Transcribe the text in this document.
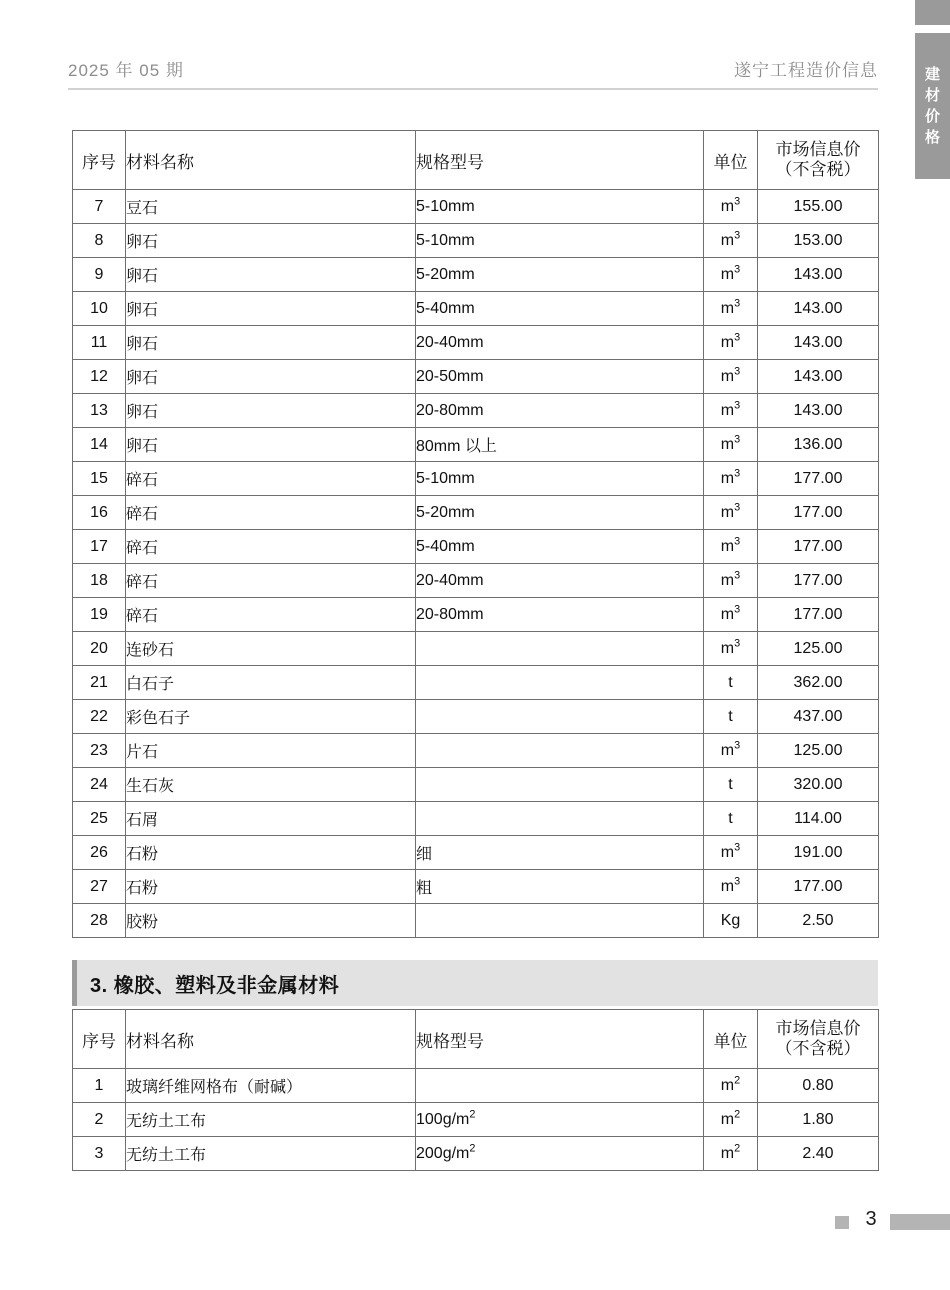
建
材
价
格
2025 年 05 期	遂宁工程造价信息
序号	材料名称	规格型号	单位	市场信息价
（不含税）

7	豆石	5-10mm	$m^3$	155.00
8	卵石	5-10mm	$m^3$	153.00
9	卵石	5-20mm	$m^3$	143.00
10	卵石	5-40mm	$m^3$	143.00
11	卵石	20-40mm	$m^3$	143.00
12	卵石	20-50mm	$m^3$	143.00
13	卵石	20-80mm	$m^3$	143.00
14	卵石	80mm 以上	$m^3$	136.00
15	碎石	5-10mm	$m^3$	177.00
16	碎石	5-20mm	$m^3$	177.00
17	碎石	5-40mm	$m^3$	177.00
18	碎石	20-40mm	$m^3$	177.00
19	碎石	20-80mm	$m^3$	177.00
20	连砂石		$m^3$	125.00
21	白石子		t	362.00
22	彩色石子		t	437.00
23	片石		$m^3$	125.00
24	生石灰		t	320.00
25	石屑		t	114.00
26	石粉	细	$m^3$	191.00
27	石粉	粗	$m^3$	177.00
28	胶粉		Kg	2.50
3. 橡胶、塑料及非金属材料
序号	材料名称	规格型号	单位	市场信息价
（不含税）

1	玻璃纤维网格布（耐碱）		$m^2$	0.80
2	无纺土工布	$100g/m^2$	$m^2$	1.80
3	无纺土工布	$200g/m^2$	$m^2$	2.40
3
